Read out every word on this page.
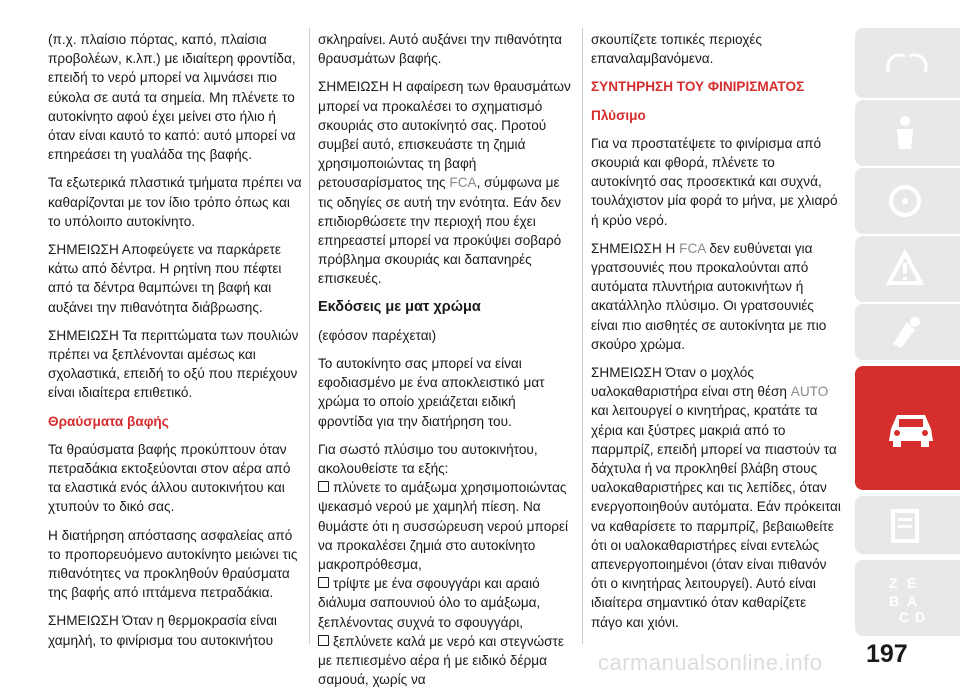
(π.χ. πλαίσιο πόρτας, καπό, πλαίσια προβολέων, κ.λπ.) με ιδιαίτερη φροντίδα, επειδή το νερό μπορεί να λιμνάσει πιο εύκολα σε αυτά τα σημεία. Μη πλένετε το αυτοκίνητο αφού έχει μείνει στο ήλιο ή όταν είναι καυτό το καπό: αυτό μπορεί να επηρεάσει τη γυαλάδα της βαφής.

Τα εξωτερικά πλαστικά τμήματα πρέπει να καθαρίζονται με τον ίδιο τρόπο όπως και το υπόλοιπο αυτοκίνητο.

ΣΗΜΕΙΩΣΗ Αποφεύγετε να παρκάρετε κάτω από δέντρα. Η ρητίνη που πέφτει από τα δέντρα θαμπώνει τη βαφή και αυξάνει την πιθανότητα διάβρωσης.

ΣΗΜΕΙΩΣΗ Τα περιττώματα των πουλιών πρέπει να ξεπλένονται αμέσως και σχολαστικά, επειδή το οξύ που περιέχουν είναι ιδιαίτερα επιθετικό.

Θραύσματα βαφής

Τα θραύσματα βαφής προκύπτουν όταν πετραδάκια εκτοξεύονται στον αέρα από τα ελαστικά ενός άλλου αυτοκινήτου και χτυπούν το δικό σας.

Η διατήρηση απόστασης ασφαλείας από το προπορευόμενο αυτοκίνητο μειώνει τις πιθανότητες να προκληθούν θραύσματα της βαφής από ιπτάμενα πετραδάκια.

ΣΗΜΕΙΩΣΗ Όταν η θερμοκρασία είναι χαμηλή, το φινίρισμα του αυτοκινήτου

σκληραίνει. Αυτό αυξάνει την πιθανότητα θραυσμάτων βαφής.

ΣΗΜΕΙΩΣΗ Η αφαίρεση των θραυσμάτων μπορεί να προκαλέσει το σχηματισμό σκουριάς στο αυτοκίνητό σας. Προτού συμβεί αυτό, επισκευάστε τη ζημιά χρησιμοποιώντας τη βαφή ρετουσαρίσματος της FCA, σύμφωνα με τις οδηγίες σε αυτή την ενότητα. Εάν δεν επιδιορθώσετε την περιοχή που έχει επηρεαστεί μπορεί να προκύψει σοβαρό πρόβλημα σκουριάς και δαπανηρές επισκευές.

Εκδόσεις με ματ χρώμα

(εφόσον παρέχεται)

Το αυτοκίνητο σας μπορεί να είναι εφοδιασμένο με ένα αποκλειστικό ματ χρώμα το οποίο χρειάζεται ειδική φροντίδα για την διατήρηση του.

Για σωστό πλύσιμο του αυτοκινήτου, ακολουθείστε τα εξής:

πλύνετε το αμάξωμα χρησιμοποιώντας ψεκασμό νερού με χαμηλή πίεση. Να θυμάστε ότι η συσσώρευση νερού μπορεί να προκαλέσει ζημιά στο αυτοκίνητο μακροπρόθεσμα,

τρίψτε με ένα σφουγγάρι και αραιό διάλυμα σαπουνιού όλο το αμάξωμα, ξεπλένοντας συχνά το σφουγγάρι,

ξεπλύνετε καλά με νερό και στεγνώστε με πεπιεσμένο αέρα ή με ειδικό δέρμα σαμουά, χωρίς να

σκουπίζετε τοπικές περιοχές επαναλαμβανόμενα.

ΣΥΝΤΗΡΗΣΗ ΤΟΥ ΦΙΝΙΡΙΣΜΑΤΟΣ

Πλύσιμο

Για να προστατέψετε το φινίρισμα από σκουριά και φθορά, πλένετε το αυτοκίνητό σας προσεκτικά και συχνά, τουλάχιστον μία φορά το μήνα, με χλιαρό ή κρύο νερό.

ΣΗΜΕΙΩΣΗ Η FCA δεν ευθύνεται για γρατσουνιές που προκαλούνται από αυτόματα πλυντήρια αυτοκινήτων ή ακατάλληλο πλύσιμο. Οι γρατσουνιές είναι πιο αισθητές σε αυτοκίνητα με πιο σκούρο χρώμα.

ΣΗΜΕΙΩΣΗ Όταν ο μοχλός υαλοκαθαριστήρα είναι στη θέση AUTO και λειτουργεί ο κινητήρας, κρατάτε τα χέρια και ξύστρες μακριά από το παρμπρίζ, επειδή μπορεί να πιαστούν τα δάχτυλα ή να προκληθεί βλάβη στους υαλοκαθαριστήρες και τις λεπίδες, όταν ενεργοποιηθούν αυτόματα. Εάν πρόκειται να καθαρίσετε το παρμπρίζ, βεβαιωθείτε ότι οι υαλοκαθαριστήρες είναι εντελώς απενεργοποιημένοι (όταν είναι πιθανόν ότι ο κινητήρας λειτουργεί). Αυτό είναι ιδιαίτερα σημαντικό όταν καθαρίζετε πάγο και χιόνι.

Z E
B A
C D
carmanualsonline.info 197
